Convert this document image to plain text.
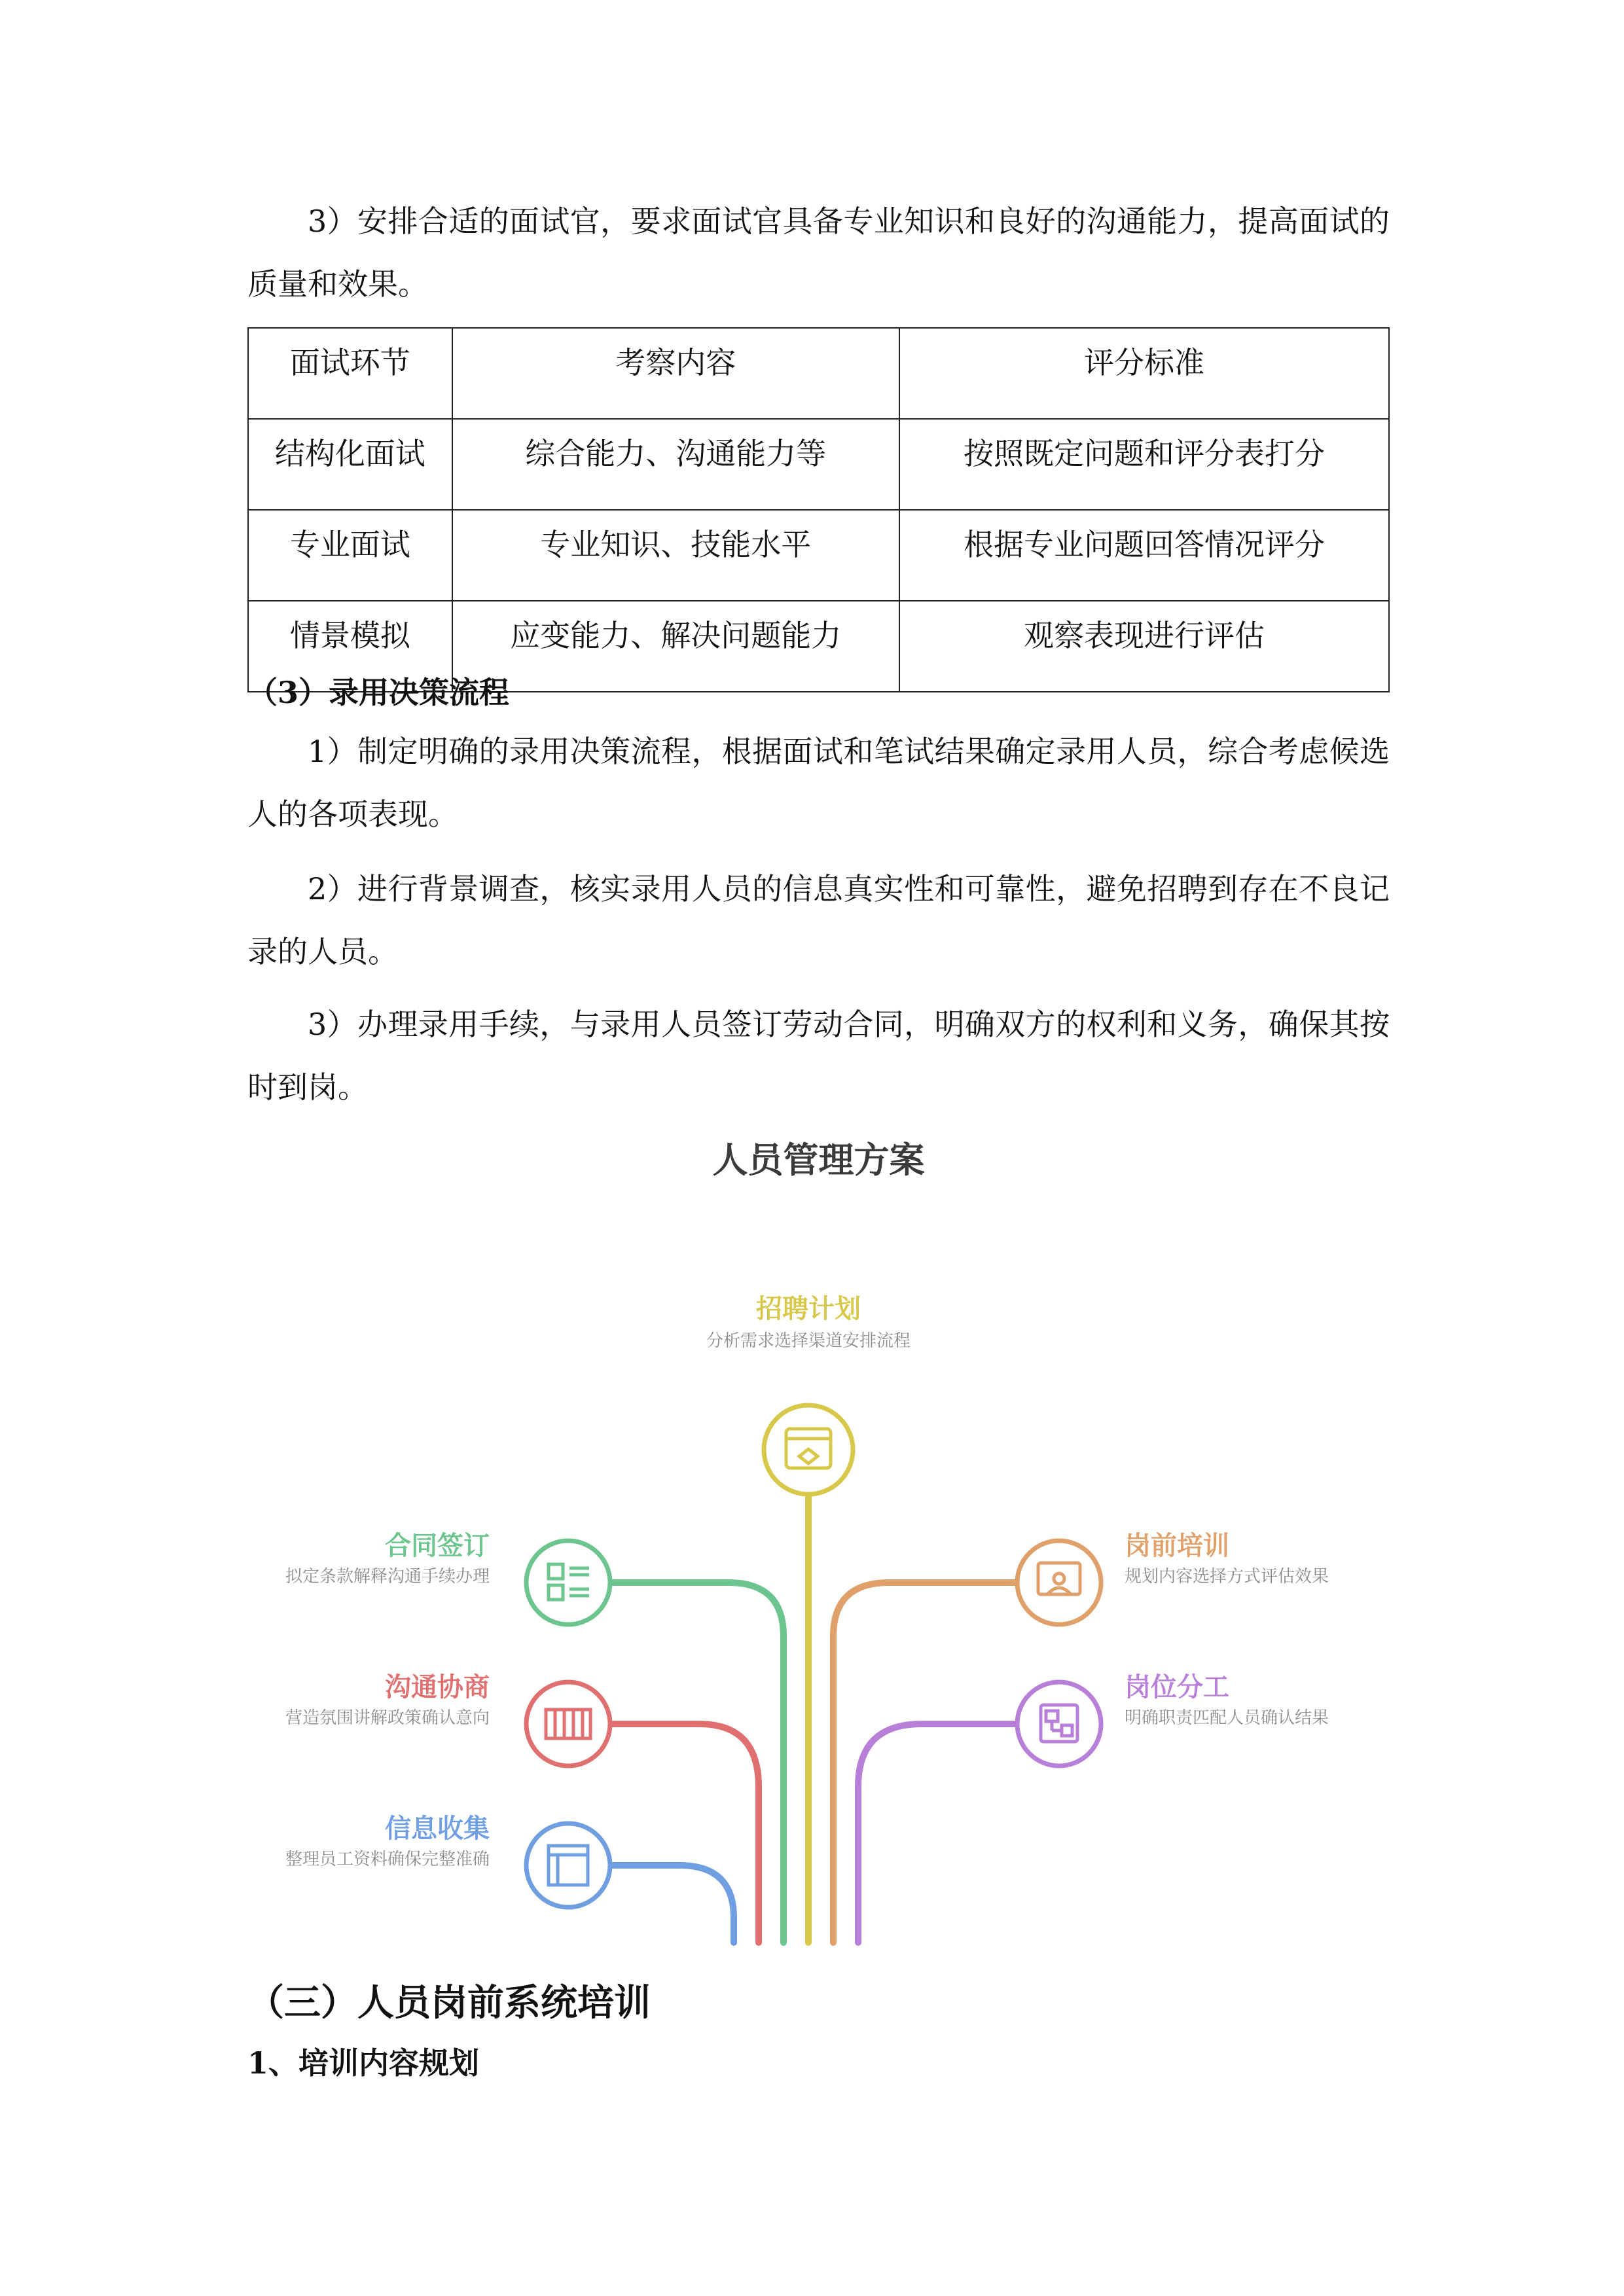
3）安排合适的面试官，要求面试官具备专业知识和良好的沟通能力，提高面试的质量和效果。

面试环节	考察内容	评分标准
结构化面试	综合能力、沟通能力等	按照既定问题和评分表打分
专业面试	专业知识、技能水平	根据专业问题回答情况评分
情景模拟	应变能力、解决问题能力	观察表现进行评估
（3）录用决策流程

1）制定明确的录用决策流程，根据面试和笔试结果确定录用人员，综合考虑候选人的各项表现。

2）进行背景调查，核实录用人员的信息真实性和可靠性，避免招聘到存在不良记录的人员。

3）办理录用手续，与录用人员签订劳动合同，明确双方的权利和义务，确保其按时到岗。

人员管理方案
招聘计划
分析需求选择渠道安排流程
岗前培训
规划内容选择方式评估效果
岗位分工
明确职责匹配人员确认结果
合同签订
拟定条款解释沟通手续办理
沟通协商
营造氛围讲解政策确认意向
信息收集
整理员工资料确保完整准确
（三）人员岗前系统培训
1、培训内容规划
